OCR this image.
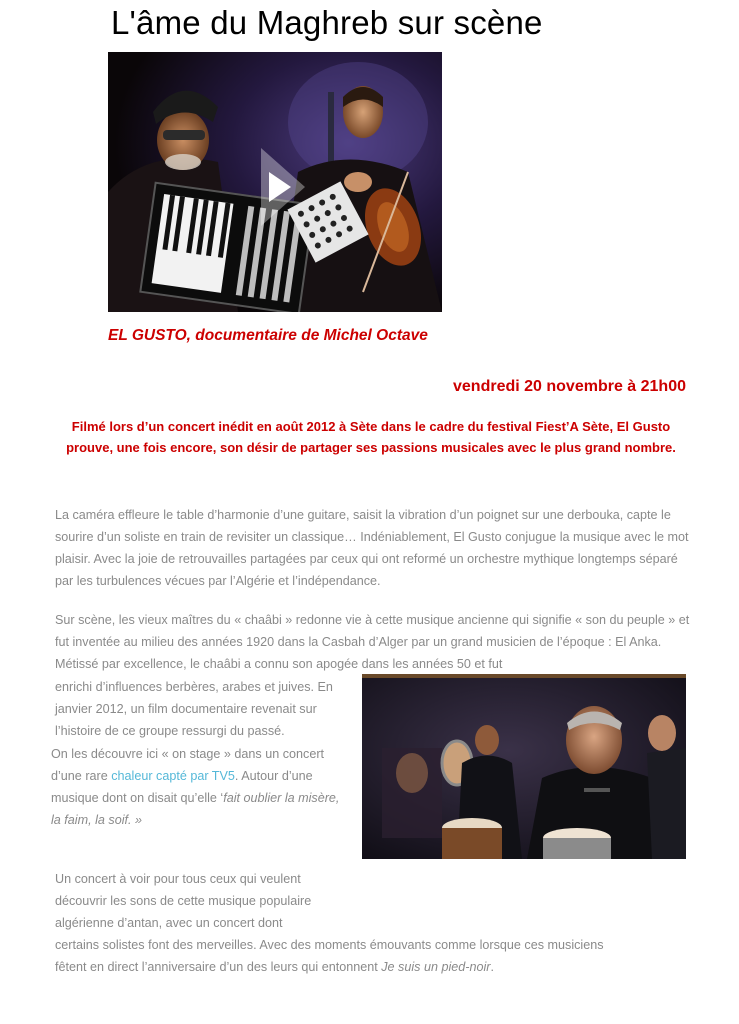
L'âme du Maghreb sur scène
EL GUSTO, documentaire de Michel Octave
vendredi 20 novembre à 21h00
Filmé lors d’un concert inédit en août 2012 à Sète dans le cadre du festival Fiest’A Sète, El Gusto prouve, une fois encore, son désir de partager ses passions musicales avec le plus grand nombre.

La caméra effleure le table d’harmonie d’une guitare, saisit la vibration d’un poignet sur une derbouka, capte le sourire d’un soliste en train de revisiter un classique… Indéniablement, El Gusto conjugue la musique avec le mot plaisir. Avec la joie de retrouvailles partagées par ceux qui ont reformé un orchestre mythique longtemps séparé par les turbulences vécues par l’Algérie et l’indépendance.

Sur scène, les vieux maîtres du « chaâbi » redonne vie à cette musique ancienne qui signifie « son du peuple » et fut inventée au milieu des années 1920 dans la Casbah d’Alger par un grand musicien de l’époque : El Anka. Métissé par excellence, le chaâbi a connu son apogée dans les années 50 et fut

enrichi d’influences berbères, arabes et juives. En janvier 2012, un film documentaire revenait sur l’histoire de ce groupe ressurgi du passé.

On les découvre ici « on stage » dans un concert d’une rare chaleur capté par TV5. Autour d’une musique dont on disait qu’elle ‘fait oublier la misère, la faim, la soif. »

Un concert à voir pour tous ceux qui veulent
découvrir les sons de cette musique populaire
algérienne d’antan, avec un concert dont
certains solistes font des merveilles. Avec des moments émouvants comme lorsque ces musiciens
fêtent en direct l’anniversaire d’un des leurs qui entonnent Je suis un pied-noir.
